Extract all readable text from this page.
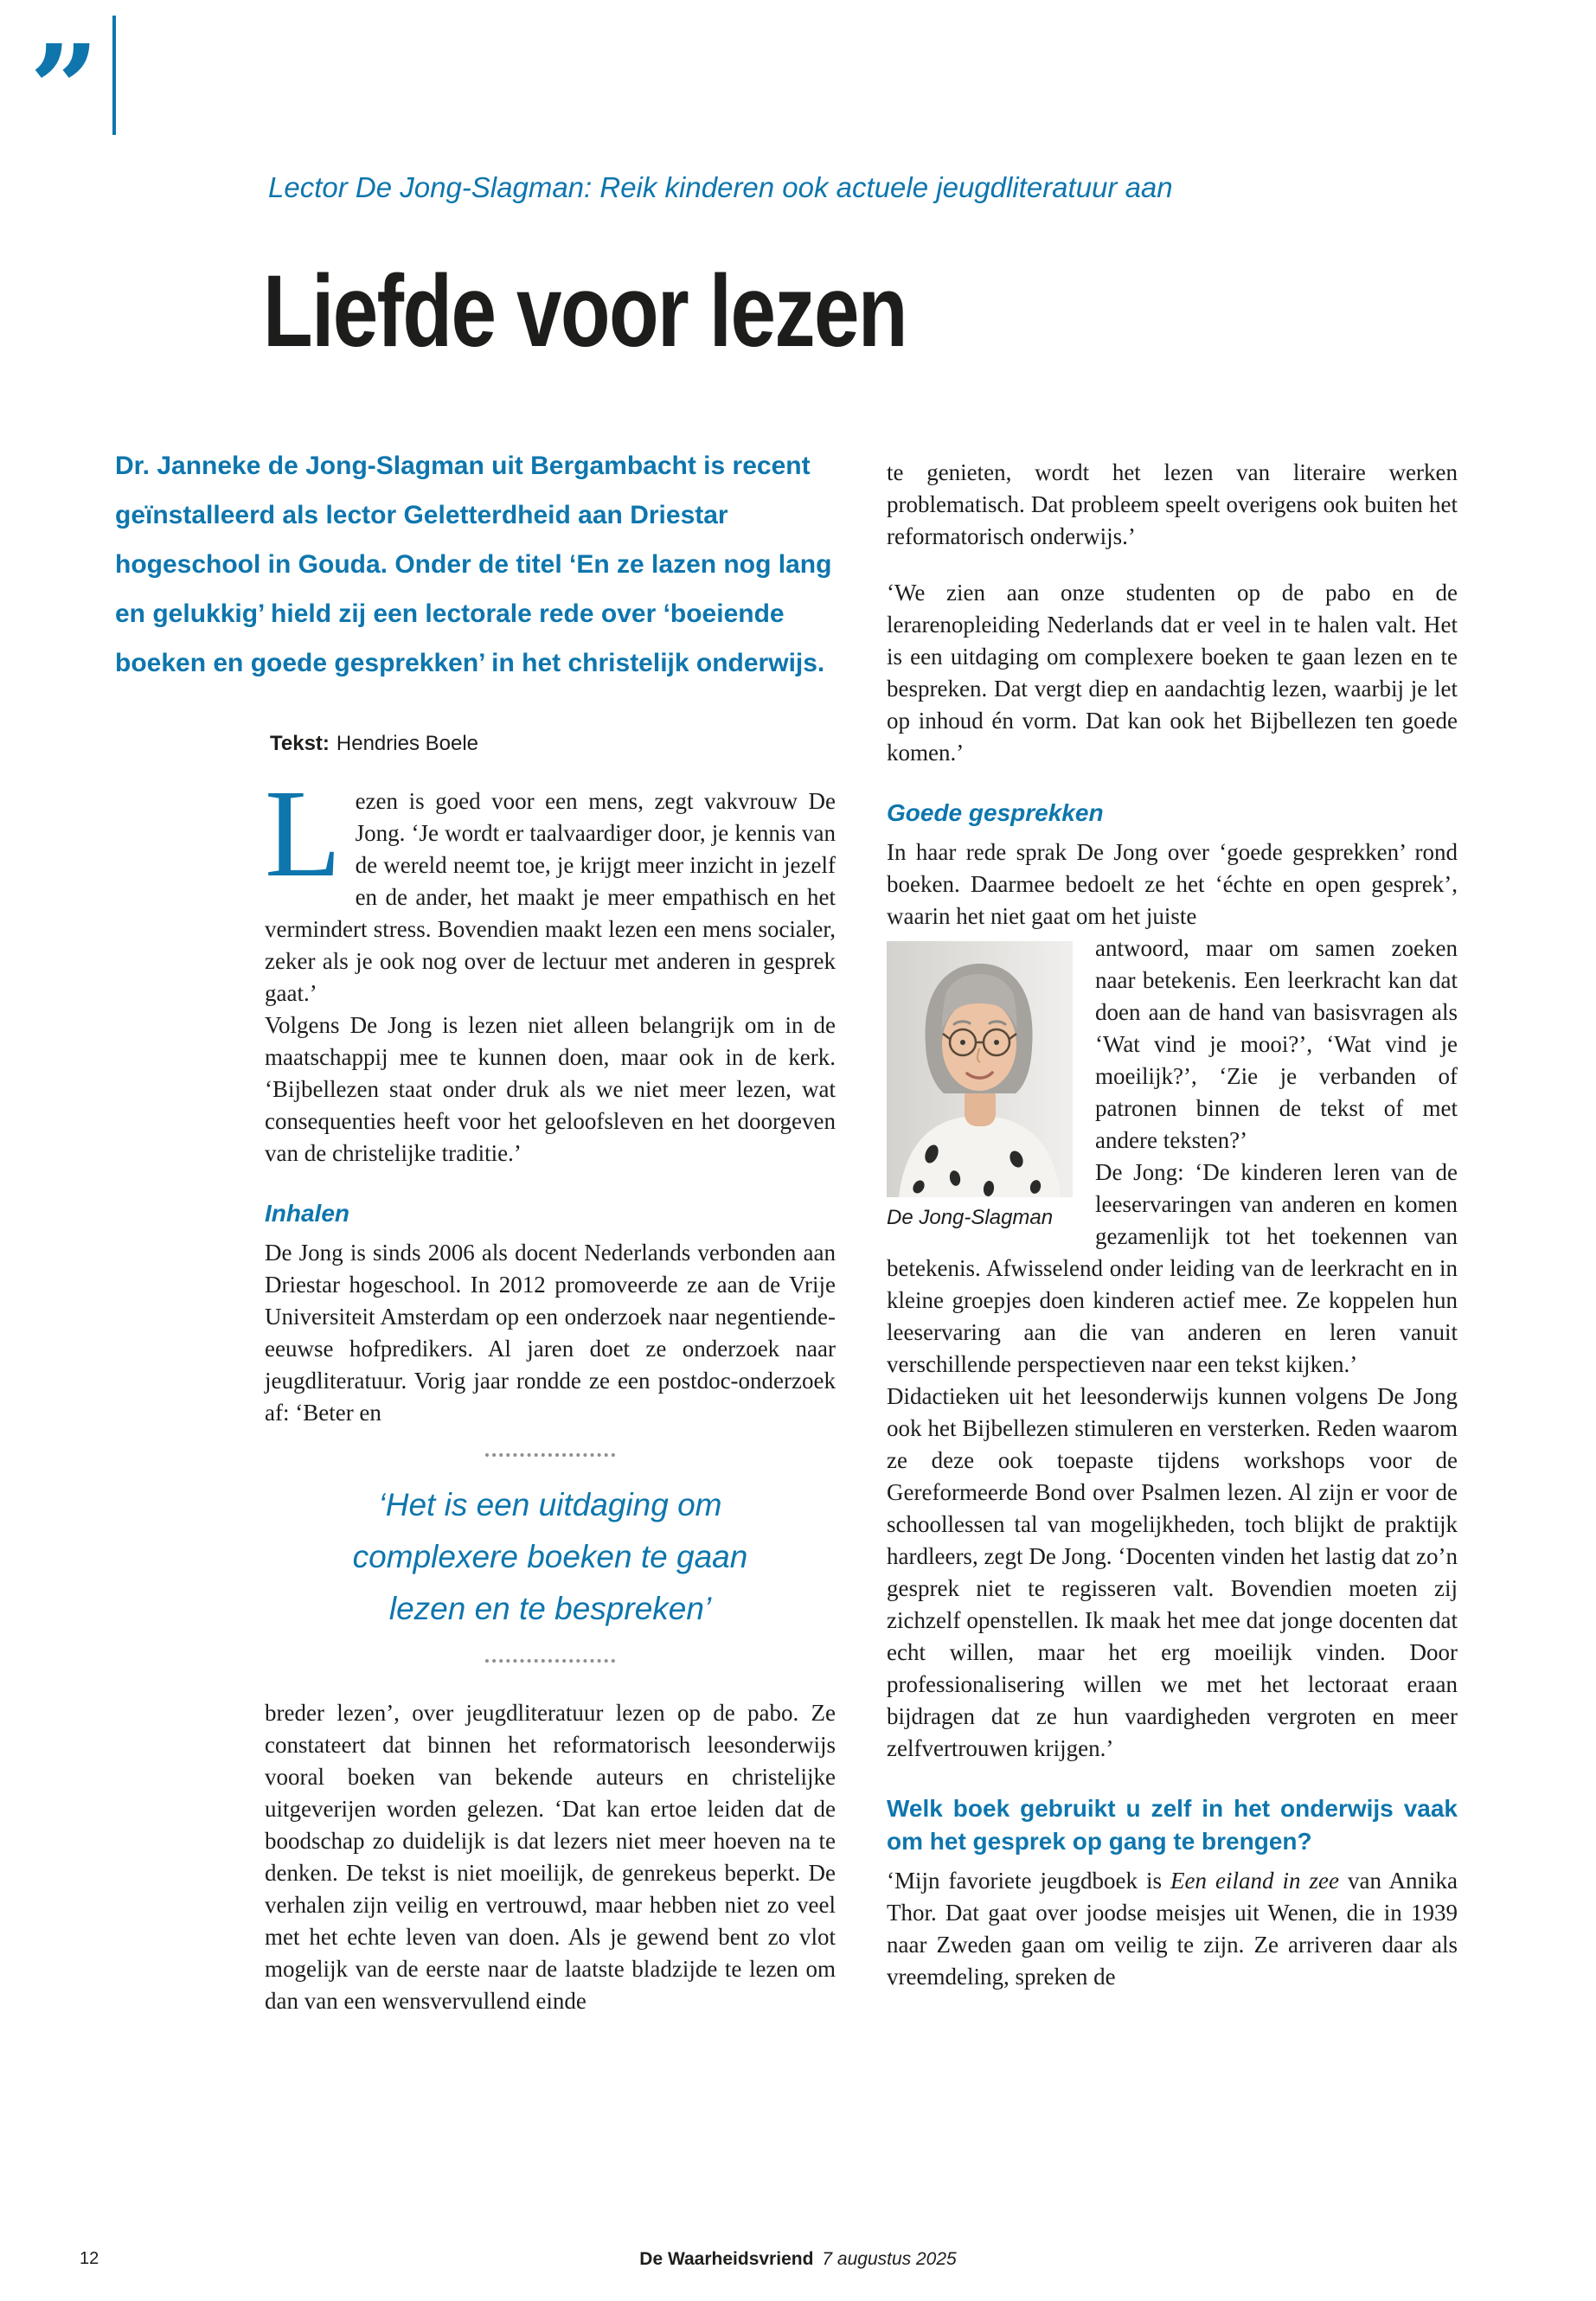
”

Lector De Jong-Slagman: Reik kinderen ook actuele jeugdliteratuur aan

Liefde voor lezen

Dr. Janneke de Jong-Slagman uit Bergambacht is recent geïnstalleerd als lector Geletterdheid aan Driestar hogeschool in Gouda. Onder de titel ‘En ze lazen nog lang en gelukkig’ hield zij een lectorale rede over ‘boeiende boeken en goede gesprekken’ in het christelijk onderwijs.

Tekst: Hendries Boele

Lezen is goed voor een mens, zegt vakvrouw De Jong. ‘Je wordt er taalvaardiger door, je kennis van de wereld neemt toe, je krijgt meer inzicht in jezelf en de ander, het maakt je meer empathisch en het vermindert stress. Bovendien maakt lezen een mens socialer, zeker als je ook nog over de lectuur met anderen in gesprek gaat.’

Volgens De Jong is lezen niet alleen belangrijk om in de maatschappij mee te kunnen doen, maar ook in de kerk. ‘Bijbellezen staat onder druk als we niet meer lezen, wat consequenties heeft voor het geloofsleven en het doorgeven van de christelijke traditie.’

Inhalen

De Jong is sinds 2006 als docent Nederlands verbonden aan Driestar hogeschool. In 2012 promoveerde ze aan de Vrije Universiteit Amsterdam op een onderzoek naar negentiende-eeuwse hofpredikers. Al jaren doet ze onderzoek naar jeugdliteratuur. Vorig jaar rondde ze een postdoc-onderzoek af: ‘Beter en

‘Het is een uitdaging om complexere boeken te gaan lezen en te bespreken’

breder lezen’, over jeugdliteratuur lezen op de pabo. Ze constateert dat binnen het reformatorisch leesonderwijs vooral boeken van bekende auteurs en christelijke uitgeverijen worden gelezen. ‘Dat kan ertoe leiden dat de boodschap zo duidelijk is dat lezers niet meer hoeven na te denken. De tekst is niet moeilijk, de genrekeus beperkt. De verhalen zijn veilig en vertrouwd, maar hebben niet zo veel met het echte leven van doen. Als je gewend bent zo vlot mogelijk van de eerste naar de laatste bladzijde te lezen om dan van een wensvervullend einde

te genieten, wordt het lezen van literaire werken problematisch. Dat probleem speelt overigens ook buiten het reformatorisch onderwijs.’

‘We zien aan onze studenten op de pabo en de lerarenopleiding Nederlands dat er veel in te halen valt. Het is een uitdaging om complexere boeken te gaan lezen en te bespreken. Dat vergt diep en aandachtig lezen, waarbij je let op inhoud én vorm. Dat kan ook het Bijbellezen ten goede komen.’

Goede gesprekken

In haar rede sprak De Jong over ‘goede gesprekken’ rond boeken. Daarmee bedoelt ze het ‘échte en open gesprek’, waarin het niet gaat om het juiste

De Jong-Slagman

antwoord, maar om samen zoeken naar betekenis. Een leerkracht kan dat doen aan de hand van basisvragen als ‘Wat vind je mooi?’, ‘Wat vind je moeilijk?’, ‘Zie je verbanden of patronen binnen de tekst of met andere teksten?’

De Jong: ‘De kinderen leren van de leeservaringen van anderen en komen gezamenlijk tot het toekennen van betekenis. Afwisselend onder leiding van de leerkracht en in kleine groepjes doen kinderen actief mee. Ze koppelen hun leeservaring aan die van anderen en leren vanuit verschillende perspectieven naar een tekst kijken.’

Didactieken uit het leesonderwijs kunnen volgens De Jong ook het Bijbellezen stimuleren en versterken. Reden waarom ze deze ook toepaste tijdens workshops voor de Gereformeerde Bond over Psalmen lezen. Al zijn er voor de schoollessen tal van mogelijkheden, toch blijkt de praktijk hardleers, zegt De Jong. ‘Docenten vinden het lastig dat zo’n gesprek niet te regisseren valt. Bovendien moeten zij zichzelf openstellen. Ik maak het mee dat jonge docenten dat echt willen, maar het erg moeilijk vinden. Door professionalisering willen we met het lectoraat eraan bijdragen dat ze hun vaardigheden vergroten en meer zelfvertrouwen krijgen.’

Welk boek gebruikt u zelf in het onderwijs vaak om het gesprek op gang te brengen?

‘Mijn favoriete jeugdboek is Een eiland in zee van Annika Thor. Dat gaat over joodse meisjes uit Wenen, die in 1939 naar Zweden gaan om veilig te zijn. Ze arriveren daar als vreemdeling, spreken de

12	De Waarheidsvriend 7 augustus 2025
